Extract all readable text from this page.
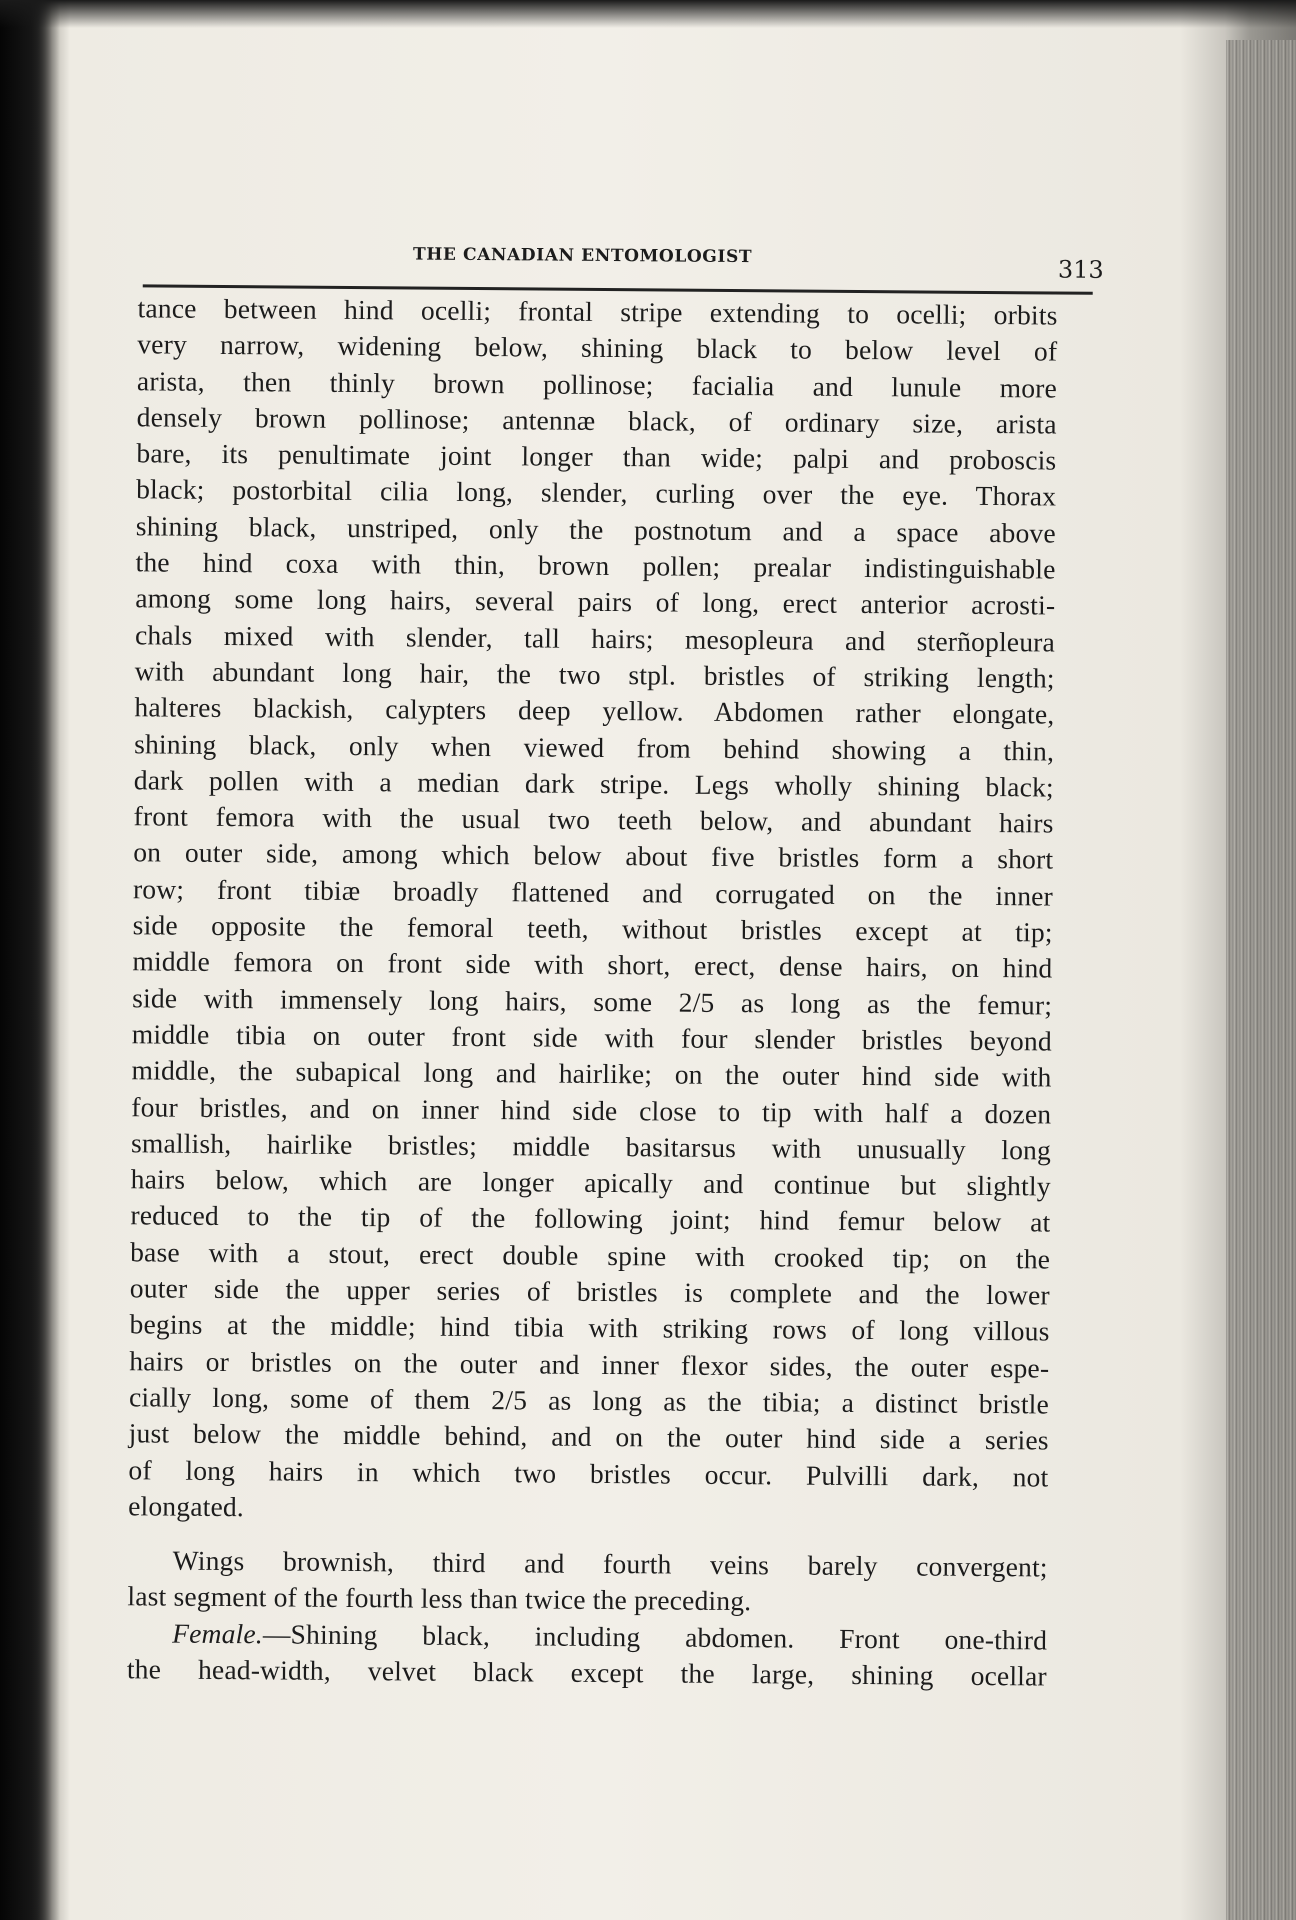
THE CANADIAN ENTOMOLOGIST	313
tance between hind ocelli; frontal stripe extending to ocelli; orbits
very narrow, widening below, shining black to below level of
arista, then thinly brown pollinose; facialia and lunule more
densely brown pollinose; antennæ black, of ordinary size, arista
bare, its penultimate joint longer than wide; palpi and proboscis
black; postorbital cilia long, slender, curling over the eye. Thorax
shining black, unstriped, only the postnotum and a space above
the hind coxa with thin, brown pollen; prealar indistinguishable
among some long hairs, several pairs of long, erect anterior acrosti-
chals mixed with slender, tall hairs; mesopleura and sterñopleura
with abundant long hair, the two stpl. bristles of striking length;
halteres blackish, calypters deep yellow. Abdomen rather elongate,
shining black, only when viewed from behind showing a thin,
dark pollen with a median dark stripe. Legs wholly shining black;
front femora with the usual two teeth below, and abundant hairs
on outer side, among which below about five bristles form a short
row; front tibiæ broadly flattened and corrugated on the inner
side opposite the femoral teeth, without bristles except at tip;
middle femora on front side with short, erect, dense hairs, on hind
side with immensely long hairs, some 2/5 as long as the femur;
middle tibia on outer front side with four slender bristles beyond
middle, the subapical long and hairlike; on the outer hind side with
four bristles, and on inner hind side close to tip with half a dozen
smallish, hairlike bristles; middle basitarsus with unusually long
hairs below, which are longer apically and continue but slightly
reduced to the tip of the following joint; hind femur below at
base with a stout, erect double spine with crooked tip; on the
outer side the upper series of bristles is complete and the lower
begins at the middle; hind tibia with striking rows of long villous
hairs or bristles on the outer and inner flexor sides, the outer espe-
cially long, some of them 2/5 as long as the tibia; a distinct bristle
just below the middle behind, and on the outer hind side a series
of long hairs in which two bristles occur. Pulvilli dark, not
elongated.
Wings brownish, third and fourth veins barely convergent;
last segment of the fourth less than twice the preceding.
Female.—Shining black, including abdomen. Front one-third
the head-width, velvet black except the large, shining ocellar
